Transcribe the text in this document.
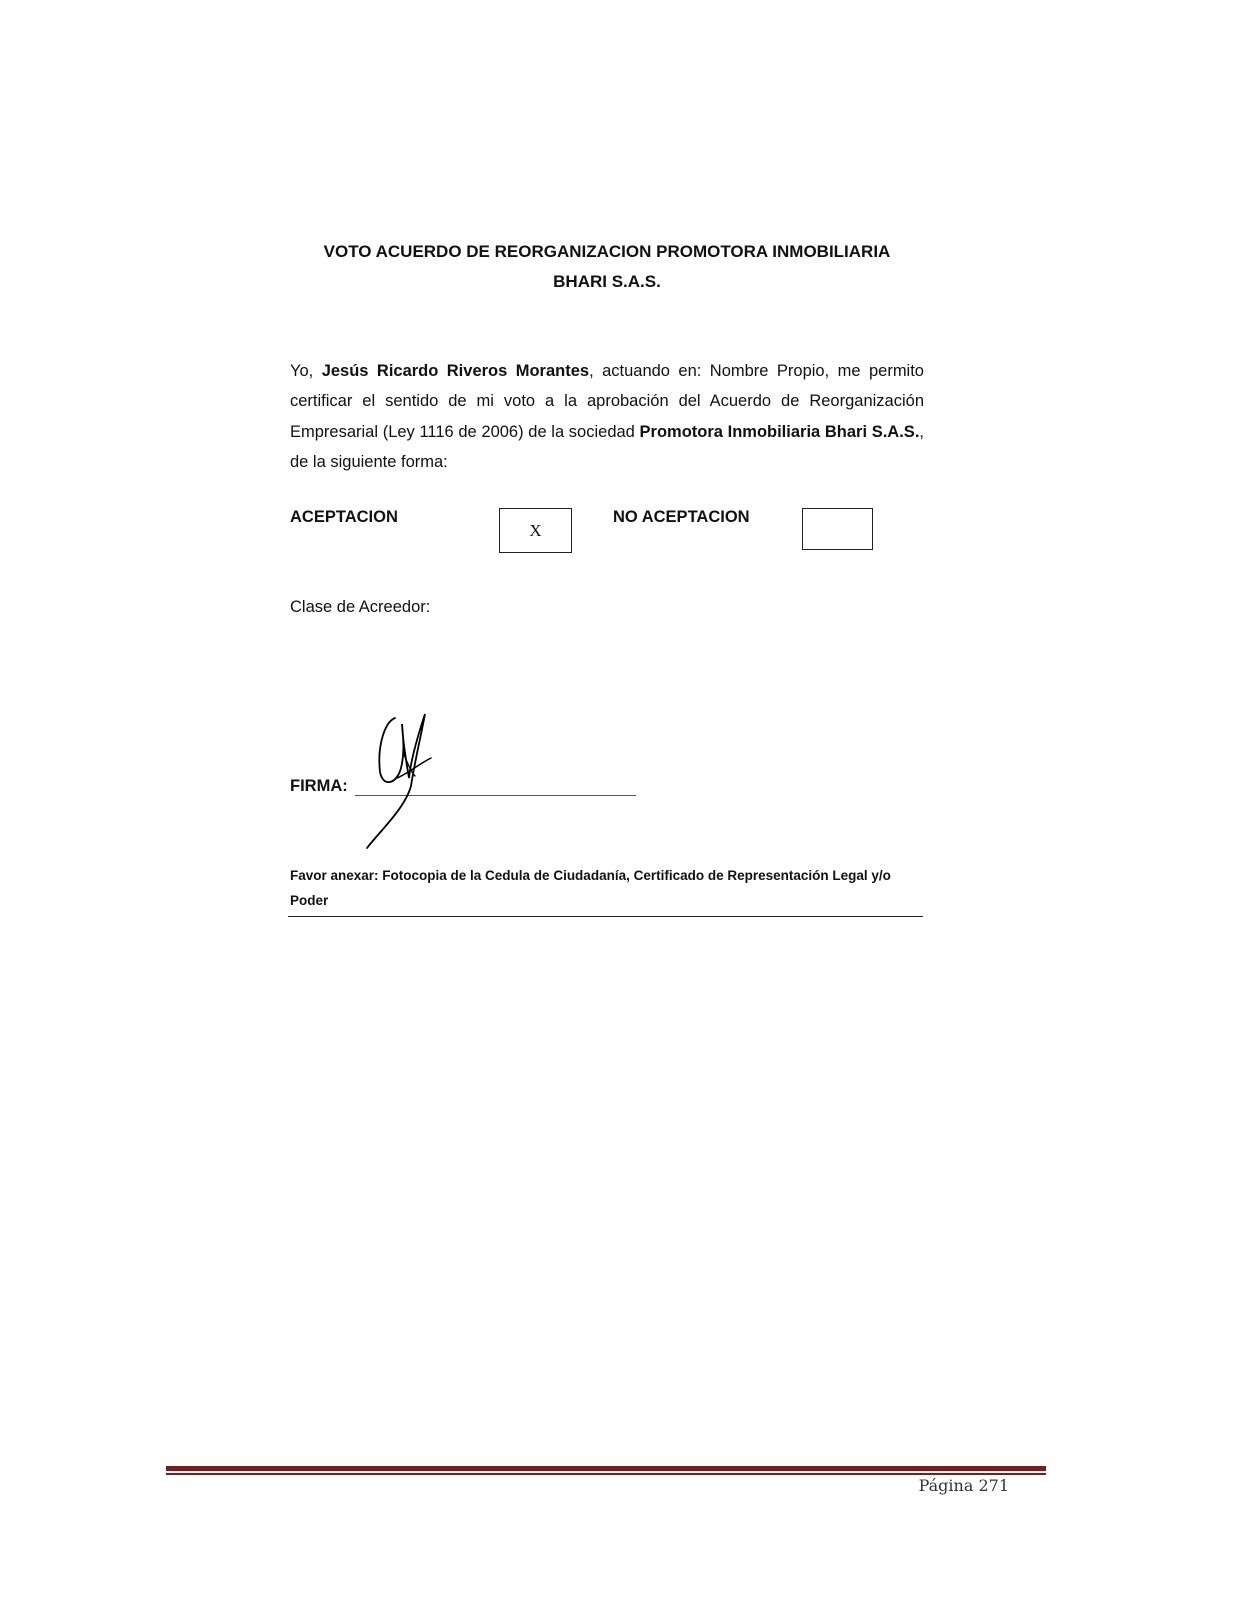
VOTO ACUERDO DE REORGANIZACION PROMOTORA INMOBILIARIA
BHARI S.A.S.
Yo, Jesús Ricardo Riveros Morantes, actuando en: Nombre Propio, me permito certificar el sentido de mi voto a la aprobación del Acuerdo de Reorganización Empresarial (Ley 1116 de 2006) de la sociedad Promotora Inmobiliaria Bhari S.A.S., de la siguiente forma:
ACEPTACION
X
NO ACEPTACION
Clase de Acreedor:
FIRMA:
Favor anexar: Fotocopia de la Cedula de Ciudadanía, Certificado de Representación Legal y/o Poder
Página 271
